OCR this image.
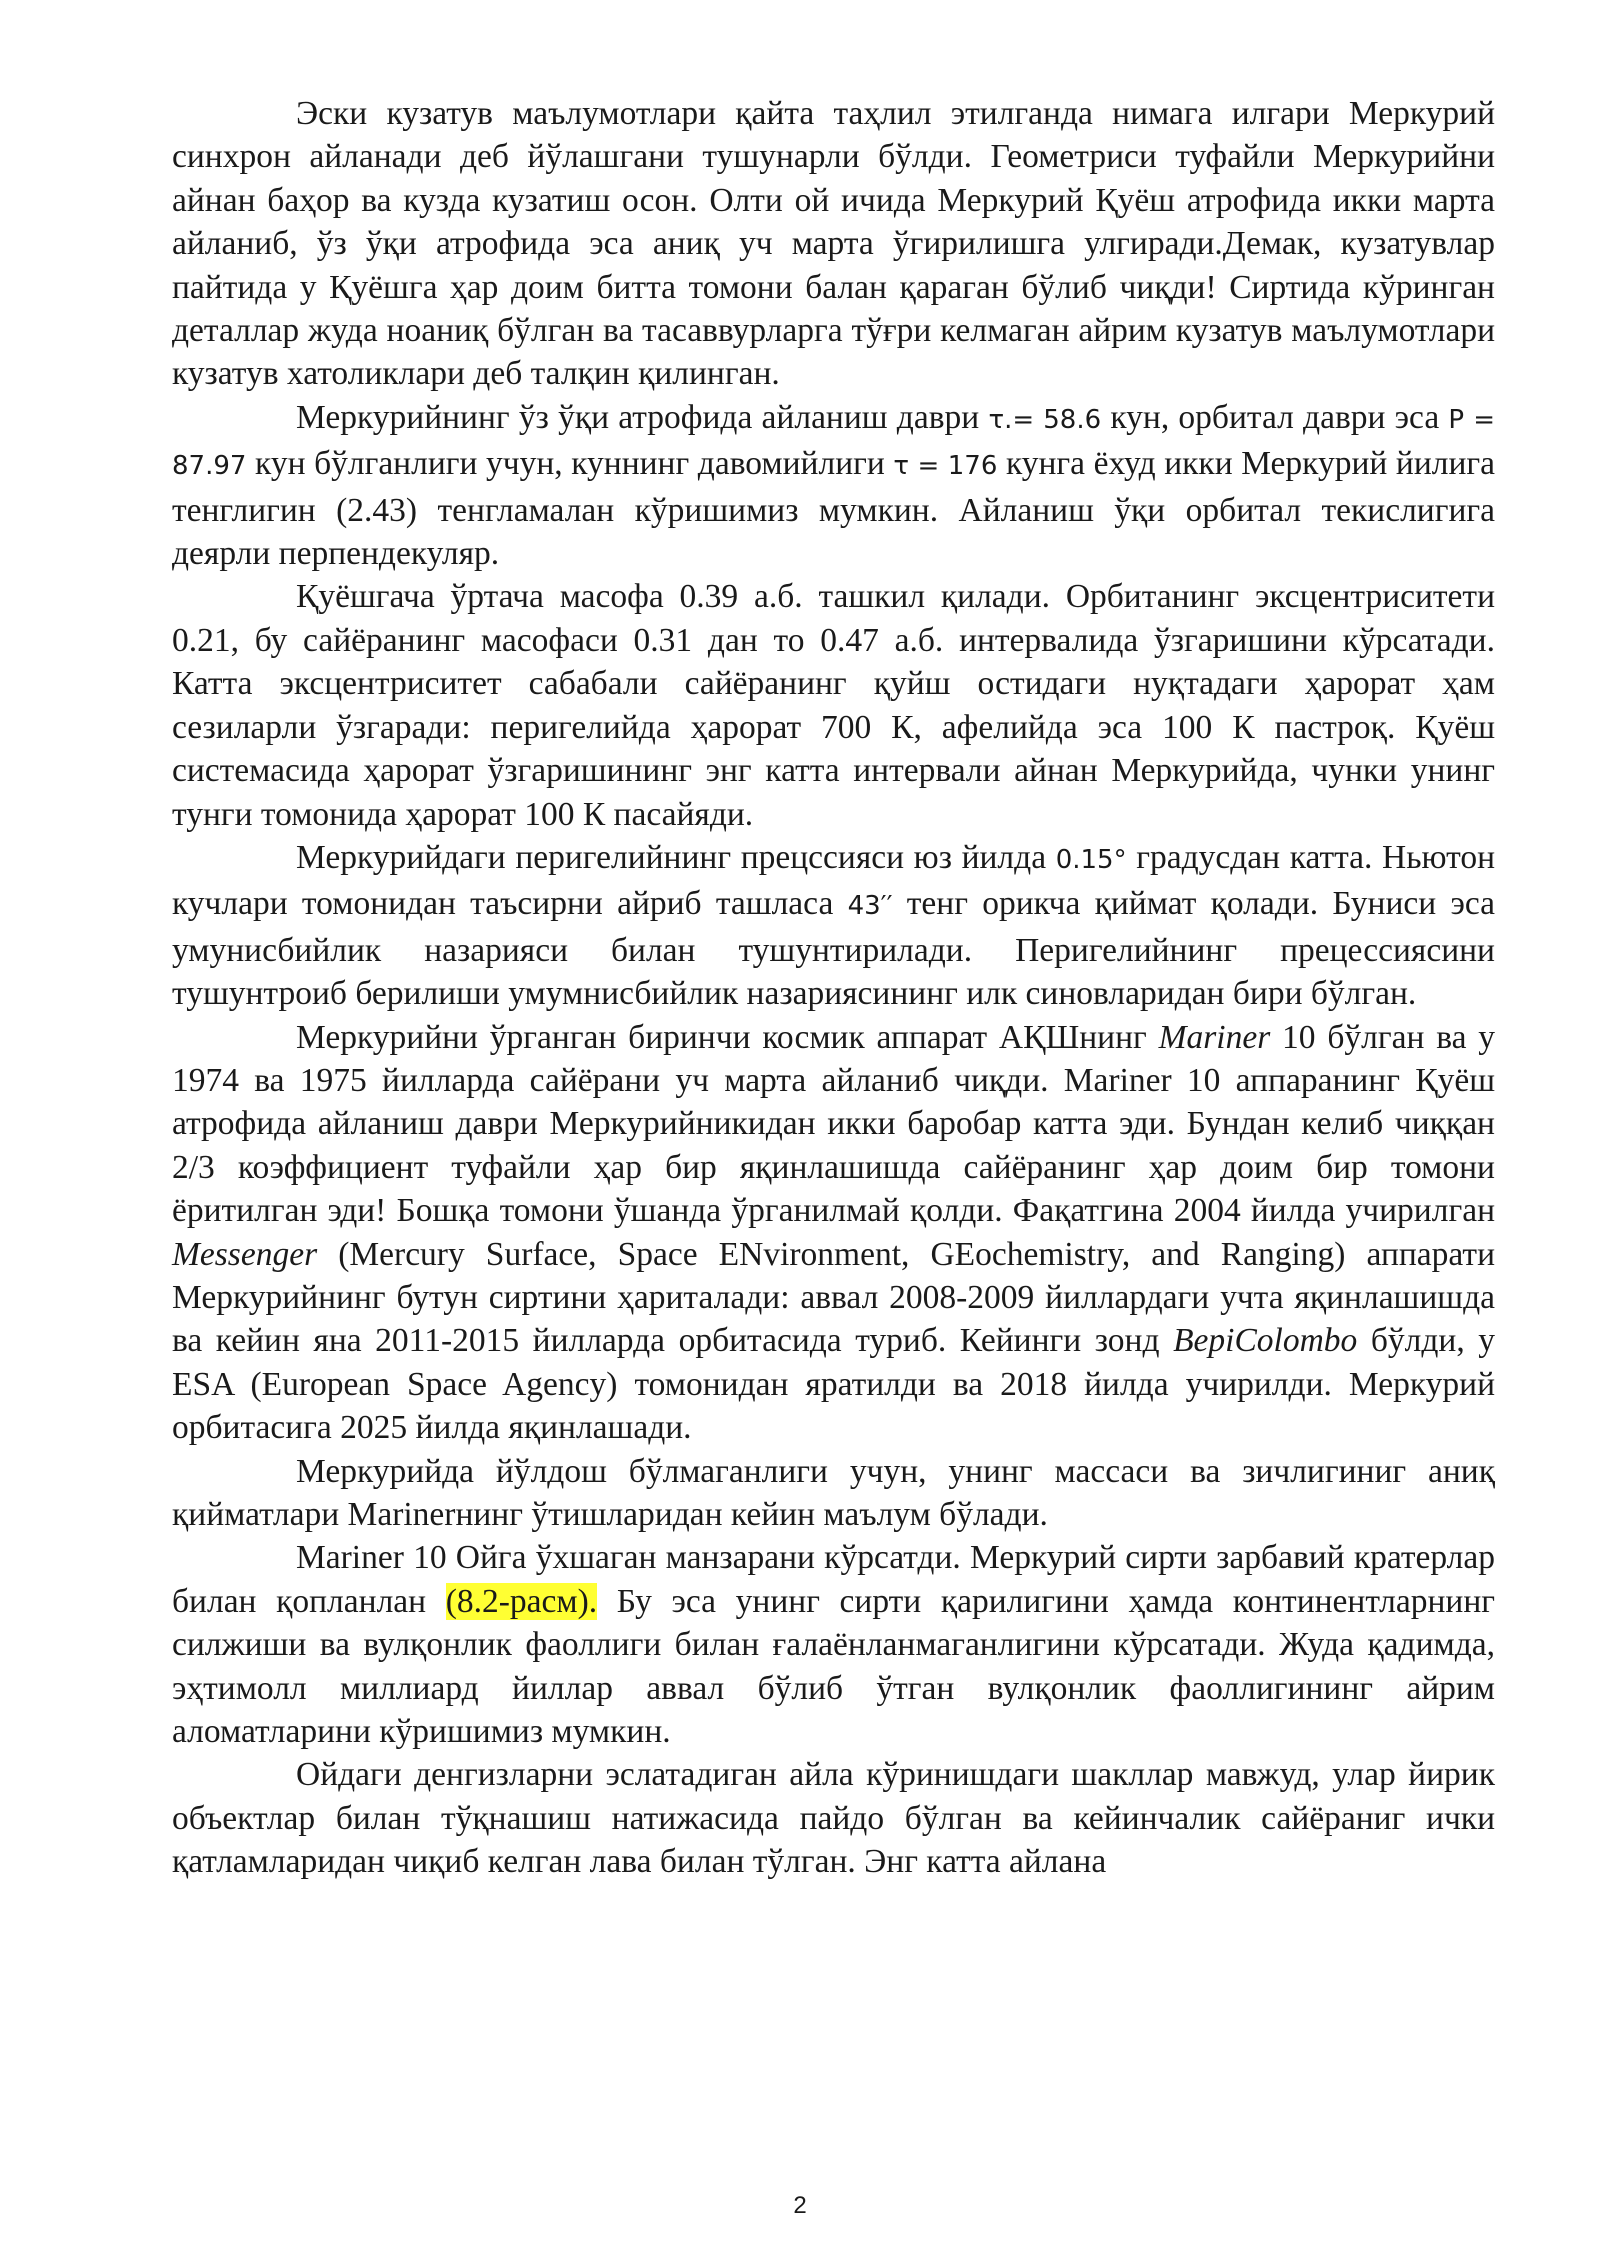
Эски кузатув маълумотлари қайта таҳлил этилганда нимага илгари Меркурий синхрон айланади деб йўлашгани тушунарли бўлди. Геометриси туфайли Меркурийни айнан баҳор ва кузда кузатиш осон. Олти ой ичида Меркурий Қуёш атрофида икки марта айланиб, ўз ўқи атрофида эса аниқ уч марта ўгирилишга улгиради.Демак, кузатувлар пайтида у Қуёшга ҳар доим битта томони балан қараган бўлиб чиқди! Сиртида кўринган деталлар жуда ноаниқ бўлган ва тасаввурларга тўғри келмаган айрим кузатув маълумотлари кузатув хатоликлари деб талқин қилинган.

Меркурийнинг ўз ўқи атрофида айланиш даври τ.= 58.6 кун, орбитал даври эса P = 87.97 кун бўлганлиги учун, куннинг давомийлиги τ = 176 кунга ёхуд икки Меркурий йилига тенглигин (2.43) тенгламалан кўришимиз мумкин. Айланиш ўқи орбитал текислигига деярли перпендекуляр.

Қуёшгача ўртача масофа 0.39 а.б. ташкил қилади. Орбитанинг эксцентриситети 0.21, бу сайёранинг масофаси 0.31 дан то 0.47 а.б. интервалида ўзгаришини кўрсатади. Катта эксцентриситет сабабали сайёранинг қуйш остидаги нуқтадаги ҳарорат ҳам сезиларли ўзгаради: перигелийда ҳарорат 700 К, афелийда эса 100 К пастроқ. Қуёш системасида ҳарорат ўзгаришининг энг катта интервали айнан Меркурийда, чунки унинг тунги томонида ҳарорат 100 К пасайяди.

Меркурийдаги перигелийнинг прецссияси юз йилда 0.15° градусдан катта. Ньютон кучлари томонидан таъсирни айриб ташласа 43′′ тенг орикча қиймат қолади. Буниси эса умунисбийлик назарияси билан тушунтирилади. Перигелийнинг прецессиясини тушунтроиб берилиши умумнисбийлик назариясининг илк синовларидан бири бўлган.

Меркурийни ўрганган биринчи космик аппарат АҚШнинг Mariner 10 бўлган ва у 1974 ва 1975 йилларда сайёрани уч марта айланиб чиқди. Mariner 10 аппаранинг Қуёш атрофида айланиш даври Меркурийникидан икки баробар катта эди. Бундан келиб чиққан 2/3 коэффициент туфайли ҳар бир яқинлашишда сайёранинг ҳар доим бир томони ёритилган эди! Бошқа томони ўшанда ўрганилмай қолди. Фақатгина 2004 йилда учирилган Messenger (Mercury Surface, Space ENvironment, GEochemistry, and Ranging) аппарати Меркурийнинг бутун сиртини ҳариталади: аввал 2008-2009 йиллардаги учта яқинлашишда ва кейин яна 2011-2015 йилларда орбитасида туриб. Кейинги зонд BepiColombo бўлди, у ESA (European Space Agency) томонидан яратилди ва 2018 йилда учирилди. Меркурий орбитасига 2025 йилда яқинлашади.

Меркурийда йўлдош бўлмаганлиги учун, унинг массаси ва зичлигиниг аниқ қийматлари Marinerнинг ўтишларидан кейин маълум бўлади.

Mariner 10 Ойга ўхшаган манзарани кўрсатди. Меркурий сирти зарбавий кратерлар билан қопланлан (8.2-расм). Бу эса унинг сирти қарилигини ҳамда континентларнинг силжиши ва вулқонлик фаоллиги билан ғалаёнланмаганлигини кўрсатади. Жуда қадимда, эҳтимолл миллиард йиллар аввал бўлиб ўтган вулқонлик фаоллигининг айрим аломатларини кўришимиз мумкин.

Ойдаги денгизларни эслатадиган айла кўринишдаги шакллар мавжуд, улар йирик объектлар билан тўқнашиш натижасида пайдо бўлган ва кейинчалик сайёраниг ички қатламларидан чиқиб келган лава билан тўлган. Энг катта айлана

2
